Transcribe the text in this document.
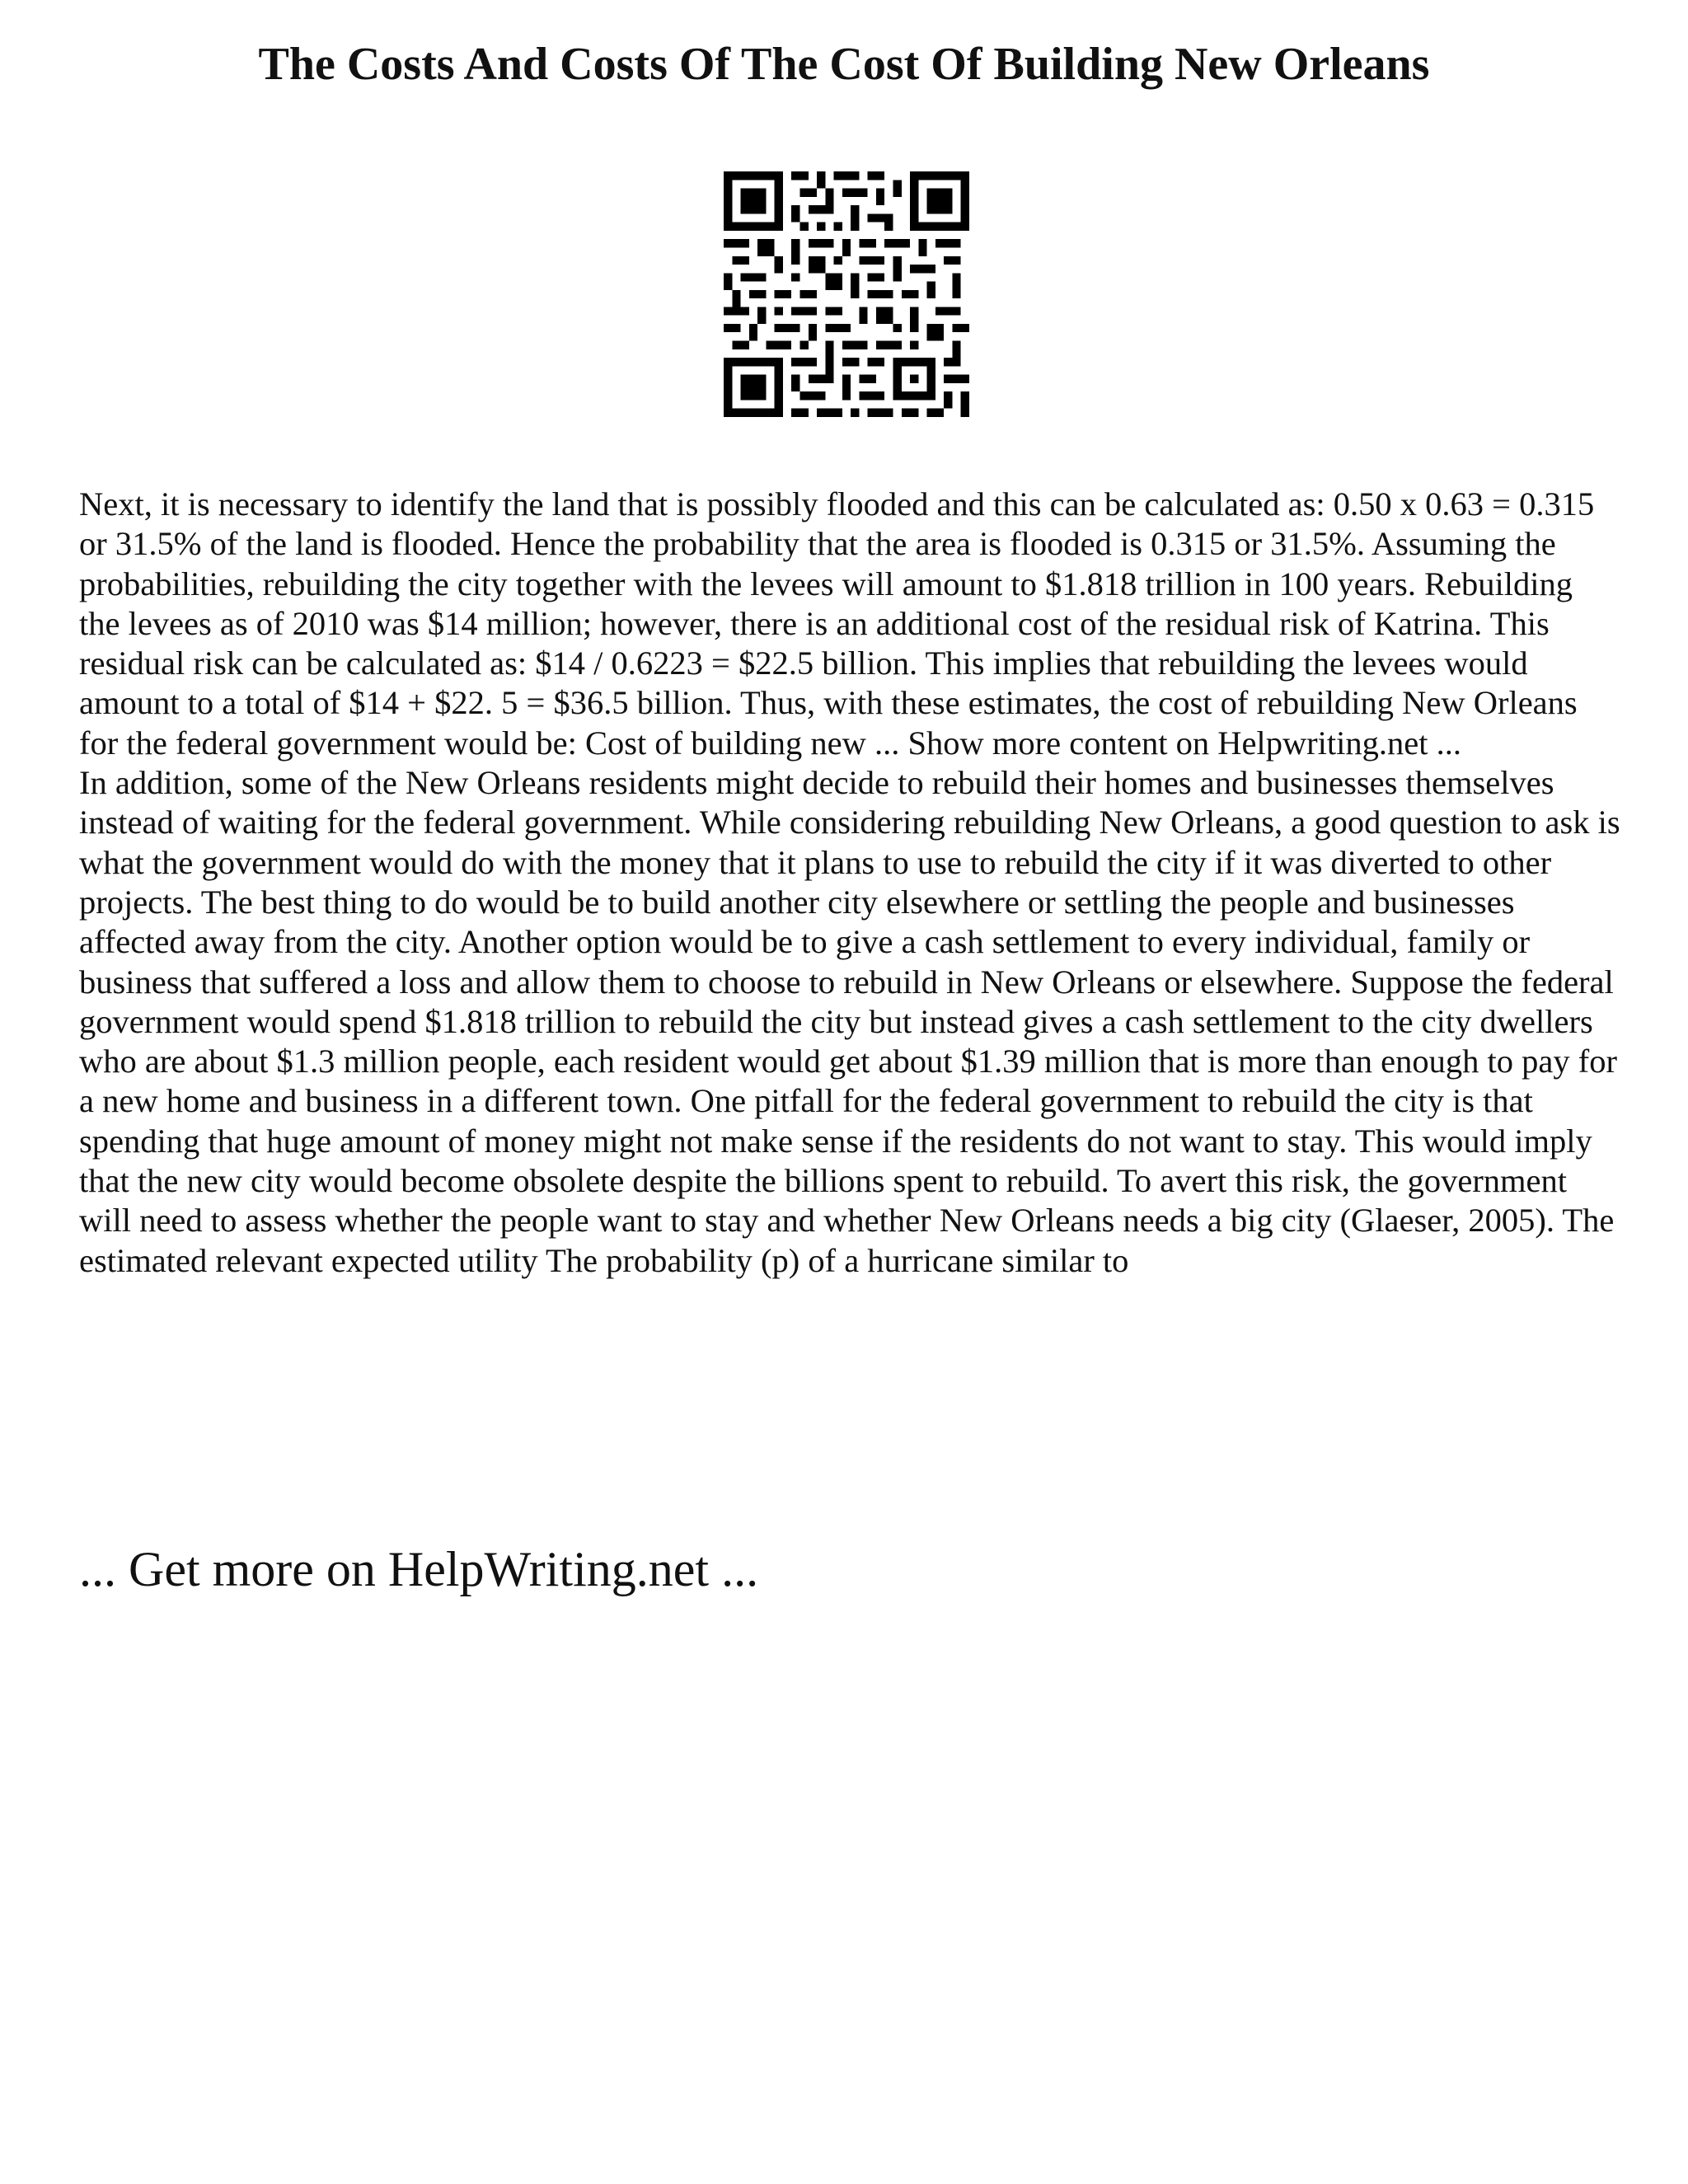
The Costs And Costs Of The Cost Of Building New Orleans

Next, it is necessary to identify the land that is possibly flooded and this can be calculated as: 0.50 x 0.63 = 0.315 or 31.5% of the land is flooded. Hence the probability that the area is flooded is 0.315 or 31.5%. Assuming the probabilities, rebuilding the city together with the levees will amount to $1.818 trillion in 100 years. Rebuilding the levees as of 2010 was $14 million; however, there is an additional cost of the residual risk of Katrina. This residual risk can be calculated as: $14 / 0.6223 = $22.5 billion. This implies that rebuilding the levees would amount to a total of $14 + $22. 5 = $36.5 billion. Thus, with these estimates, the cost of rebuilding New Orleans for the federal government would be: Cost of building new ... Show more content on Helpwriting.net ...

In addition, some of the New Orleans residents might decide to rebuild their homes and businesses themselves instead of waiting for the federal government. While considering rebuilding New Orleans, a good question to ask is what the government would do with the money that it plans to use to rebuild the city if it was diverted to other projects. The best thing to do would be to build another city elsewhere or settling the people and businesses affected away from the city. Another option would be to give a cash settlement to every individual, family or business that suffered a loss and allow them to choose to rebuild in New Orleans or elsewhere. Suppose the federal government would spend $1.818 trillion to rebuild the city but instead gives a cash settlement to the city dwellers who are about $1.3 million people, each resident would get about $1.39 million that is more than enough to pay for a new home and business in a different town. One pitfall for the federal government to rebuild the city is that spending that huge amount of money might not make sense if the residents do not want to stay. This would imply that the new city would become obsolete despite the billions spent to rebuild. To avert this risk, the government will need to assess whether the people want to stay and whether New Orleans needs a big city (Glaeser, 2005). The estimated relevant expected utility The probability (p) of a hurricane similar to

... Get more on HelpWriting.net ...
